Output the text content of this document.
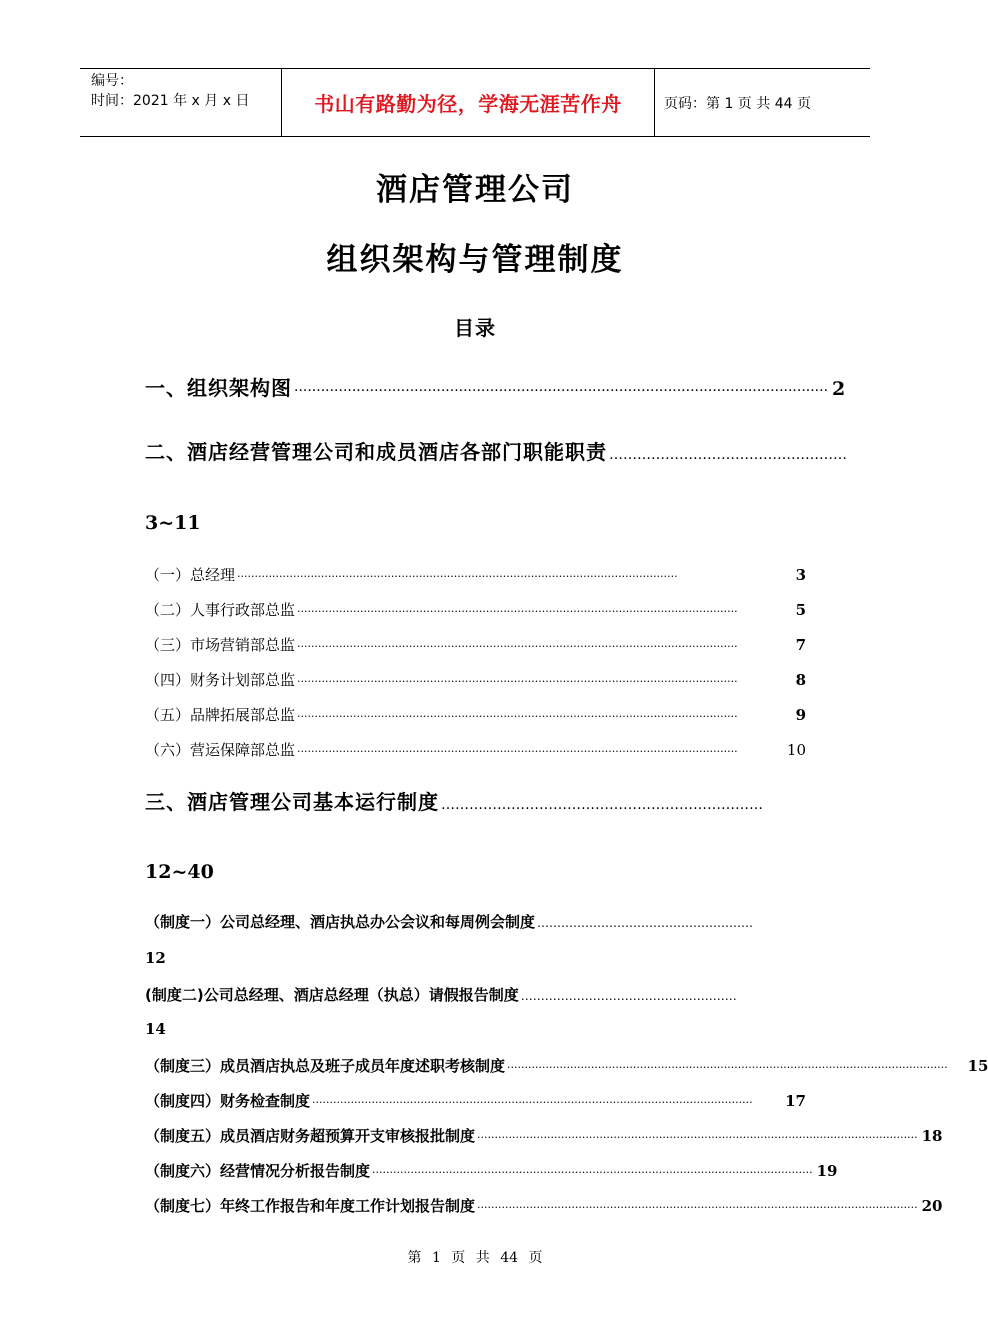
编号：
时间：2021 年 x 月 x 日	书山有路勤为径，学海无涯苦作舟	页码：第 1 页 共 44 页
酒店管理公司
组织架构与管理制度
目录
一、组织架构图 ························································································································ 2
二、酒店经营管理公司和成员酒店各部门职能职责 ……………………………………………
3~11
（一）总经理 ······························································································································	3
（二）人事行政部总监 ······························································································································	5
（三）市场营销部总监 ······························································································································	7
（四）财务计划部总监 ······························································································································	8
（五）品牌拓展部总监 ······························································································································	9
（六）营运保障部总监 ······························································································································	10
三、酒店管理公司基本运行制度 ……………………………………………………………
12~40
（制度一）公司总经理、酒店执总办公会议和每周例会制度 ………………………………………………
12
(制度二)公司总经理、酒店总经理（执总）请假报告制度 ………………………………………………
14
（制度三）成员酒店执总及班子成员年度述职考核制度 ······························································································································ 15
（制度四）财务检查制度 ······························································································································	17
（制度五）成员酒店财务超预算开支审核报批制度 ······························································································································ 18
（制度六）经营情况分析报告制度 ······························································································································ 19
（制度七）年终工作报告和年度工作计划报告制度 ······························································································································ 20
第 1 页 共 44 页
